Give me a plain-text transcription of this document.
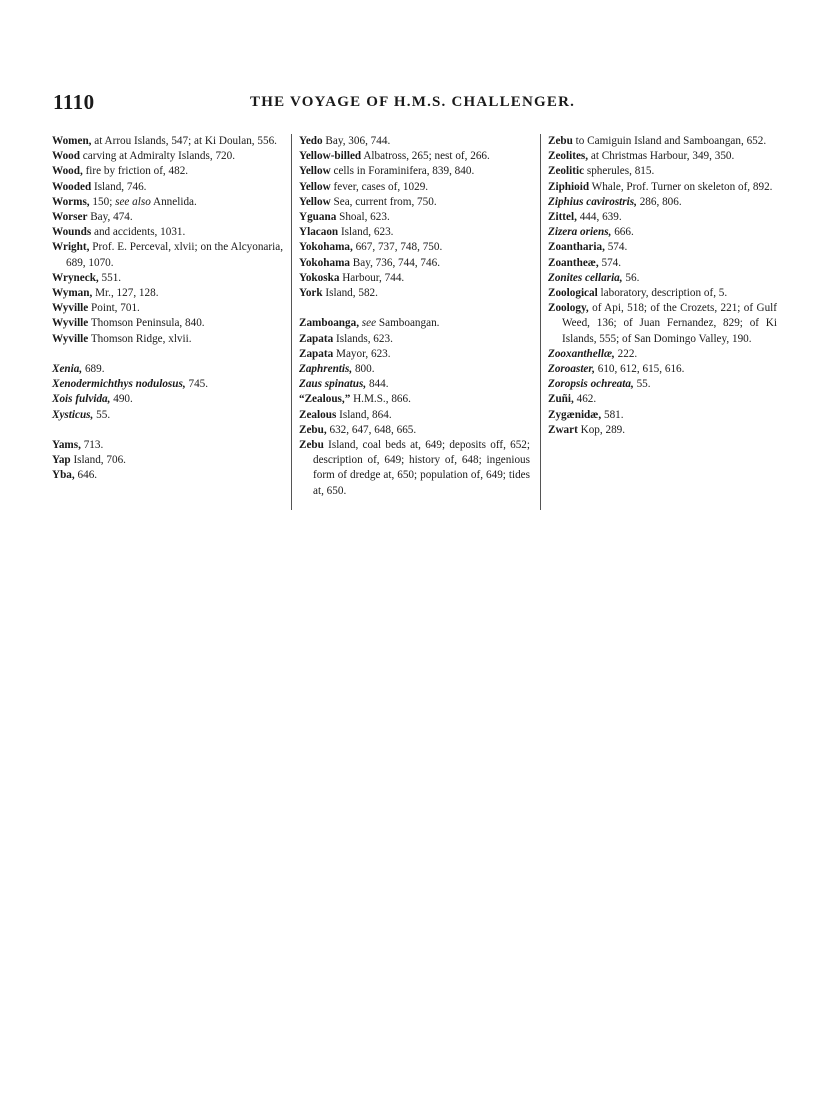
1110	THE VOYAGE OF H.M.S. CHALLENGER.

Women, at Arrou Islands, 547; at Ki Doulan, 556.

Wood carving at Admiralty Islands, 720.

Wood, fire by friction of, 482.

Wooded Island, 746.

Worms, 150; see also Annelida.

Worser Bay, 474.

Wounds and accidents, 1031.

Wright, Prof. E. Perceval, xlvii; on the Alcyonaria, 689, 1070.

Wryneck, 551.

Wyman, Mr., 127, 128.

Wyville Point, 701.

Wyville Thomson Peninsula, 840.

Wyville Thomson Ridge, xlvii.

Xenia, 689.

Xenodermichthys nodulosus, 745.

Xois fulvida, 490.

Xysticus, 55.

Yams, 713.

Yap Island, 706.

Yba, 646.

Yedo Bay, 306, 744.

Yellow-billed Albatross, 265; nest of, 266.

Yellow cells in Foraminifera, 839, 840.

Yellow fever, cases of, 1029.

Yellow Sea, current from, 750.

Yguana Shoal, 623.

Ylacaon Island, 623.

Yokohama, 667, 737, 748, 750.

Yokohama Bay, 736, 744, 746.

Yokoska Harbour, 744.

York Island, 582.

Zamboanga, see Samboangan.

Zapata Islands, 623.

Zapata Mayor, 623.

Zaphrentis, 800.

Zaus spinatus, 844.

“Zealous,” H.M.S., 866.

Zealous Island, 864.

Zebu, 632, 647, 648, 665.

Zebu Island, coal beds at, 649; deposits off, 652; description of, 649; history of, 648; ingenious form of dredge at, 650; population of, 649; tides at, 650.

Zebu to Camiguin Island and Samboangan, 652.

Zeolites, at Christmas Harbour, 349, 350.

Zeolitic spherules, 815.

Ziphioid Whale, Prof. Turner on skeleton of, 892.

Ziphius cavirostris, 286, 806.

Zittel, 444, 639.

Zizera oriens, 666.

Zoantharia, 574.

Zoantheæ, 574.

Zonites cellaria, 56.

Zoological laboratory, description of, 5.

Zoology, of Api, 518; of the Crozets, 221; of Gulf Weed, 136; of Juan Fernandez, 829; of Ki Islands, 555; of San Domingo Valley, 190.

Zooxanthellæ, 222.

Zoroaster, 610, 612, 615, 616.

Zoropsis ochreata, 55.

Zuñi, 462.

Zygænidæ, 581.

Zwart Kop, 289.
